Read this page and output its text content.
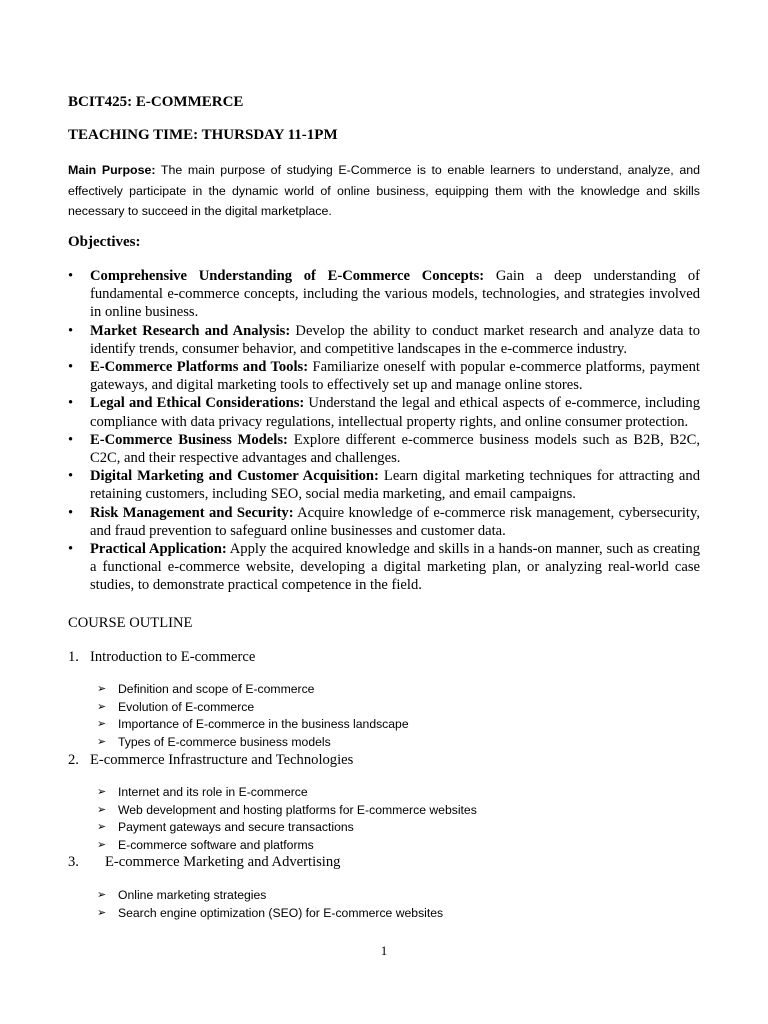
BCIT425: E-COMMERCE
TEACHING TIME: THURSDAY 11-1PM

Main Purpose: The main purpose of studying E-Commerce is to enable learners to understand, analyze, and effectively participate in the dynamic world of online business, equipping them with the knowledge and skills necessary to succeed in the digital marketplace.

Objectives:
• Comprehensive Understanding of E-Commerce Concepts: Gain a deep understanding of fundamental e-commerce concepts, including the various models, technologies, and strategies involved in online business.
• Market Research and Analysis: Develop the ability to conduct market research and analyze data to identify trends, consumer behavior, and competitive landscapes in the e-commerce industry.
• E-Commerce Platforms and Tools: Familiarize oneself with popular e-commerce platforms, payment gateways, and digital marketing tools to effectively set up and manage online stores.
• Legal and Ethical Considerations: Understand the legal and ethical aspects of e-commerce, including compliance with data privacy regulations, intellectual property rights, and online consumer protection.
• E-Commerce Business Models: Explore different e-commerce business models such as B2B, B2C, C2C, and their respective advantages and challenges.
• Digital Marketing and Customer Acquisition: Learn digital marketing techniques for attracting and retaining customers, including SEO, social media marketing, and email campaigns.
• Risk Management and Security: Acquire knowledge of e-commerce risk management, cybersecurity, and fraud prevention to safeguard online businesses and customer data.
• Practical Application: Apply the acquired knowledge and skills in a hands-on manner, such as creating a functional e-commerce website, developing a digital marketing plan, or analyzing real-world case studies, to demonstrate practical competence in the field.
COURSE OUTLINE
1. Introduction to E-commerce
➢ Definition and scope of E-commerce
➢ Evolution of E-commerce
➢ Importance of E-commerce in the business landscape
➢ Types of E-commerce business models
2. E-commerce Infrastructure and Technologies
➢ Internet and its role in E-commerce
➢ Web development and hosting platforms for E-commerce websites
➢ Payment gateways and secure transactions
➢ E-commerce software and platforms
3. E-commerce Marketing and Advertising
➢ Online marketing strategies
➢ Search engine optimization (SEO) for E-commerce websites
1
